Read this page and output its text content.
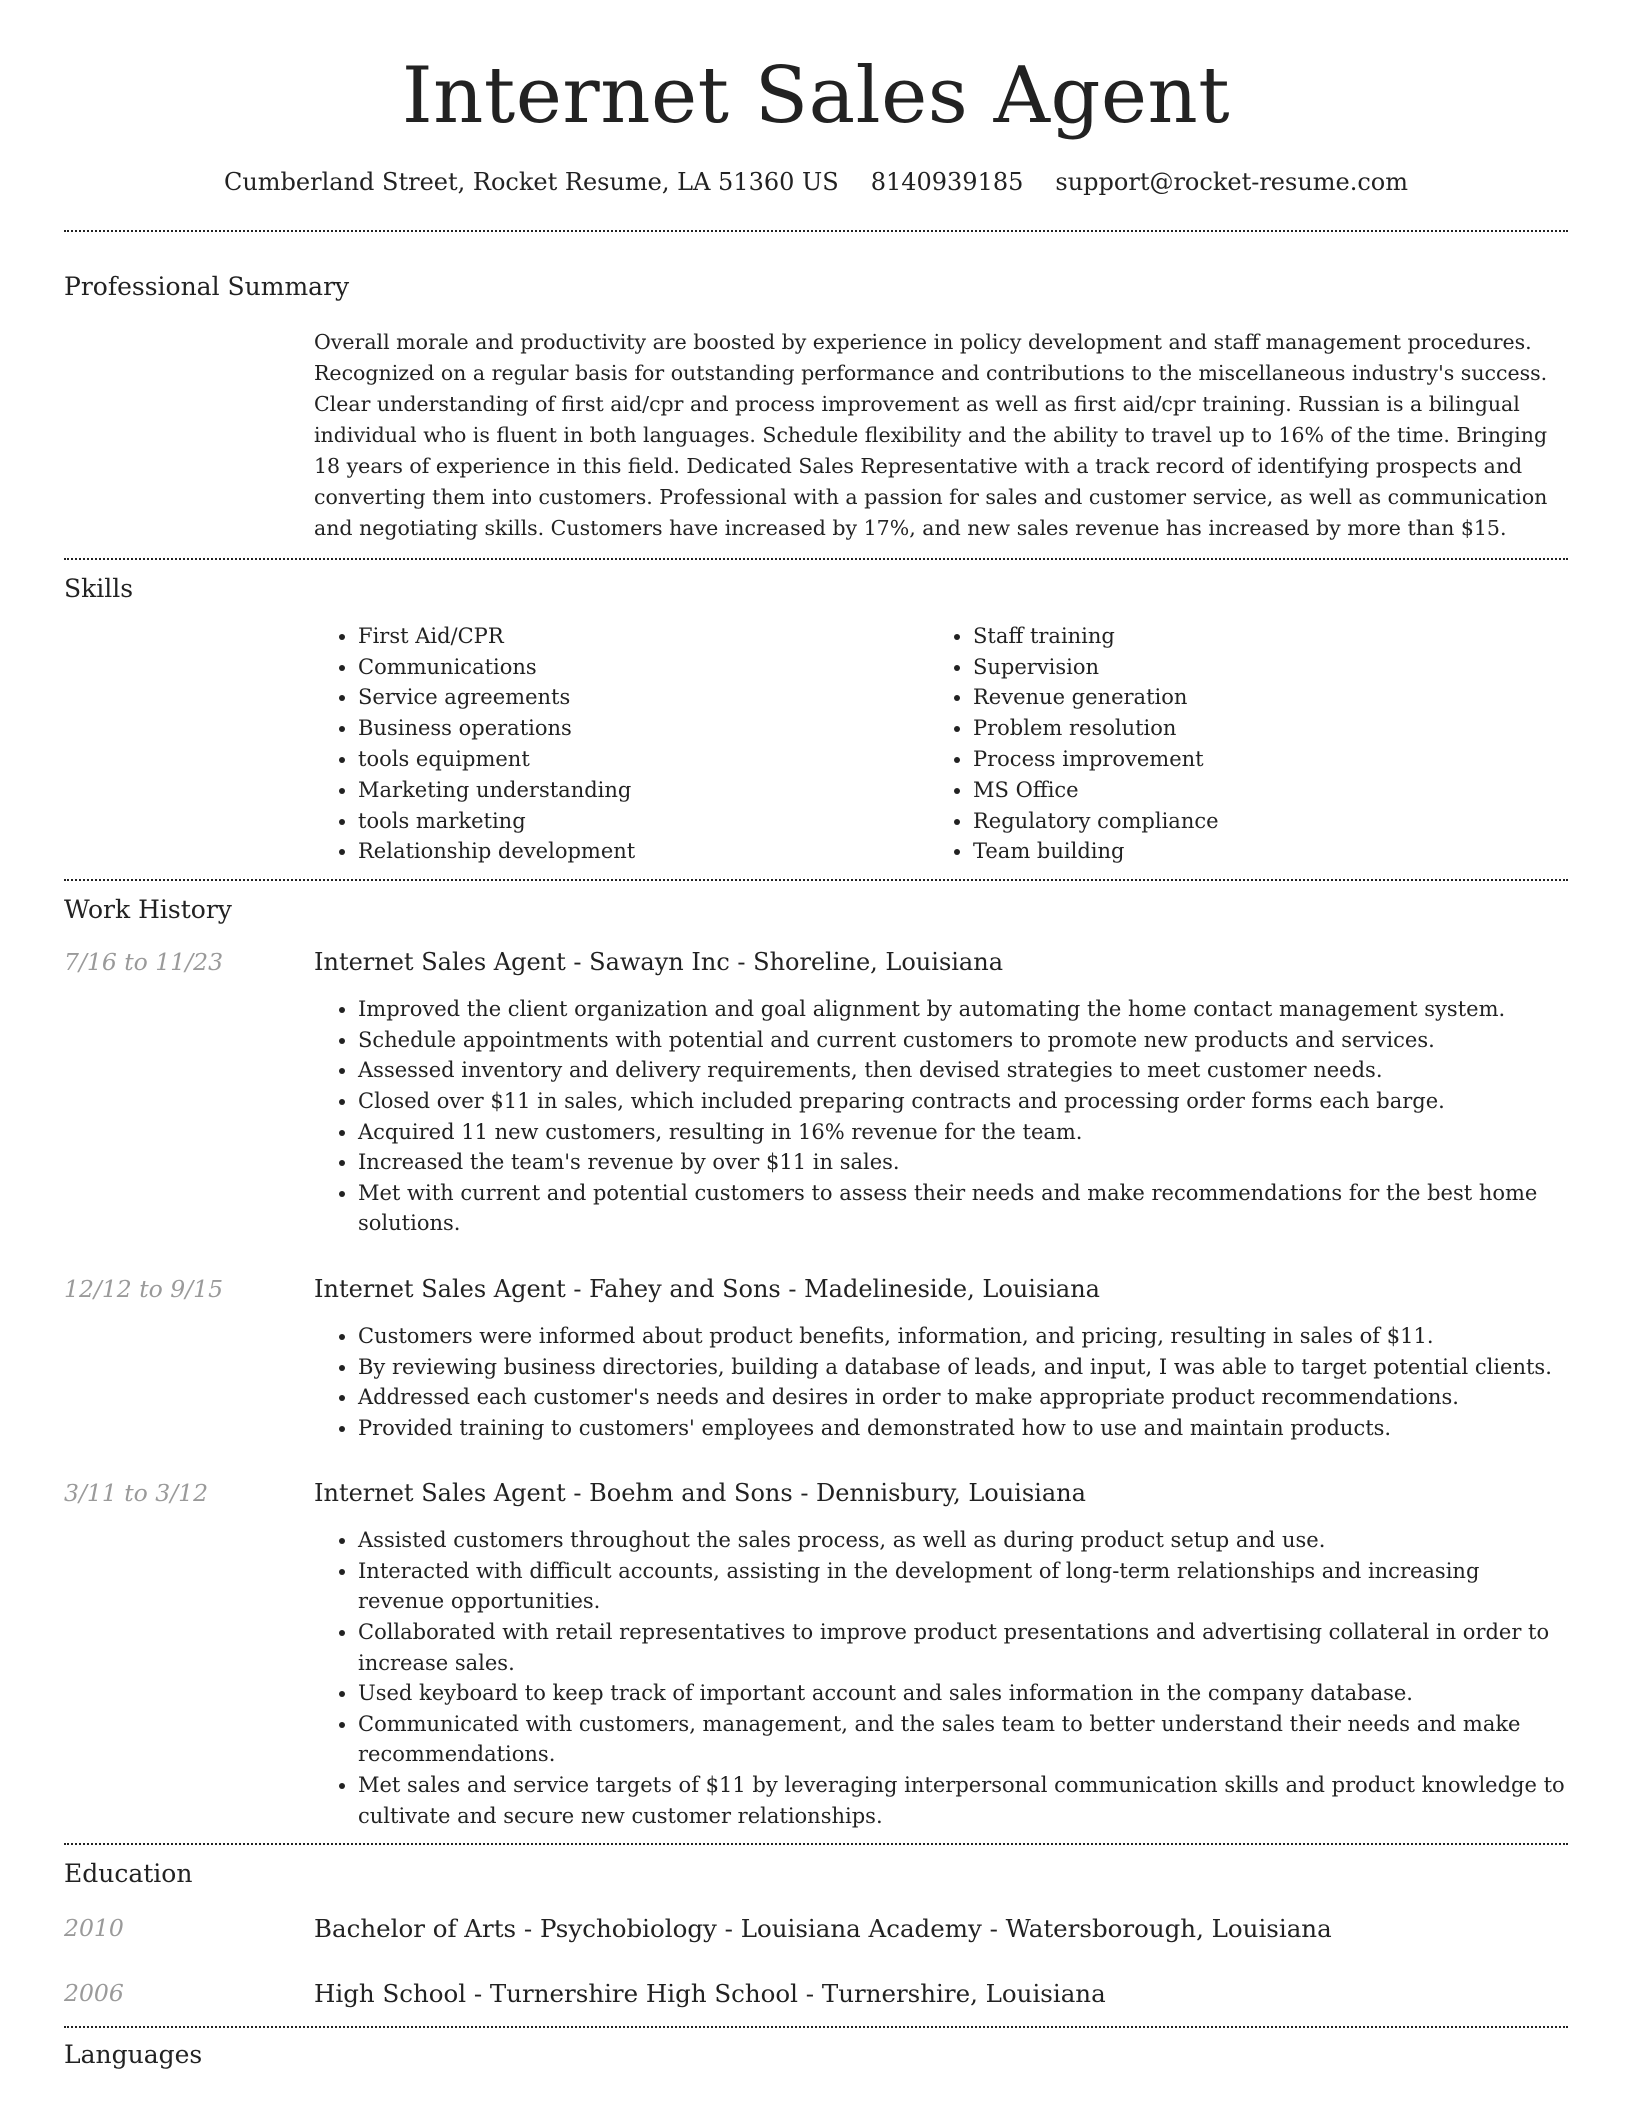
Internet Sales Agent
Cumberland Street, Rocket Resume, LA 51360 US 8140939185 support@rocket-resume.com
Professional Summary
Overall morale and productivity are boosted by experience in policy development and staff management procedures. Recognized on a regular basis for outstanding performance and contributions to the miscellaneous industry's success. Clear understanding of first aid/cpr and process improvement as well as first aid/cpr training. Russian is a bilingual individual who is fluent in both languages. Schedule flexibility and the ability to travel up to 16% of the time. Bringing 18 years of experience in this field. Dedicated Sales Representative with a track record of identifying prospects and converting them into customers. Professional with a passion for sales and customer service, as well as communication and negotiating skills. Customers have increased by 17%, and new sales revenue has increased by more than $15.
Skills
• First Aid/CPR
• Communications
• Service agreements
• Business operations
• tools equipment
• Marketing understanding
• tools marketing
• Relationship development
• Staff training
• Supervision
• Revenue generation
• Problem resolution
• Process improvement
• MS Office
• Regulatory compliance
• Team building
Work History
7/16 to 11/23	Internet Sales Agent - Sawayn Inc - Shoreline, Louisiana
• Improved the client organization and goal alignment by automating the home contact management system.
• Schedule appointments with potential and current customers to promote new products and services.
• Assessed inventory and delivery requirements, then devised strategies to meet customer needs.
• Closed over $11 in sales, which included preparing contracts and processing order forms each barge.
• Acquired 11 new customers, resulting in 16% revenue for the team.
• Increased the team's revenue by over $11 in sales.
• Met with current and potential customers to assess their needs and make recommendations for the best home solutions.
12/12 to 9/15	Internet Sales Agent - Fahey and Sons - Madelineside, Louisiana
• Customers were informed about product benefits, information, and pricing, resulting in sales of $11.
• By reviewing business directories, building a database of leads, and input, I was able to target potential clients.
• Addressed each customer's needs and desires in order to make appropriate product recommendations.
• Provided training to customers' employees and demonstrated how to use and maintain products.
3/11 to 3/12	Internet Sales Agent - Boehm and Sons - Dennisbury, Louisiana
• Assisted customers throughout the sales process, as well as during product setup and use.
• Interacted with difficult accounts, assisting in the development of long-term relationships and increasing revenue opportunities.
• Collaborated with retail representatives to improve product presentations and advertising collateral in order to increase sales.
• Used keyboard to keep track of important account and sales information in the company database.
• Communicated with customers, management, and the sales team to better understand their needs and make recommendations.
• Met sales and service targets of $11 by leveraging interpersonal communication skills and product knowledge to cultivate and secure new customer relationships.
Education
2010	Bachelor of Arts - Psychobiology - Louisiana Academy - Watersborough, Louisiana
2006	High School - Turnershire High School - Turnershire, Louisiana
Languages
